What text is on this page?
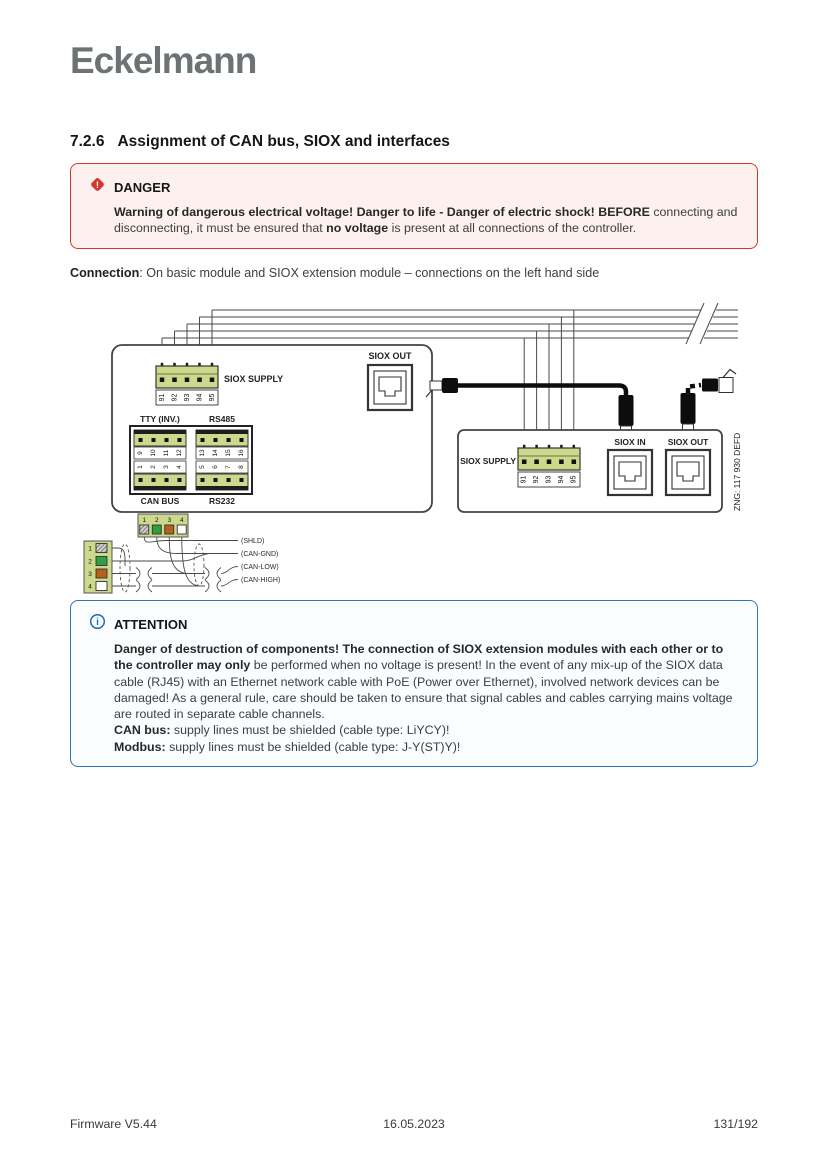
Eckelmann
7.2.6 Assignment of CAN bus, SIOX and interfaces
! DANGER
Warning of dangerous electrical voltage! Danger to life - Danger of electric shock! BEFORE connecting and disconnecting, it must be ensured that no voltage is present at all connections of the controller.
Connection: On basic module and SIOX extension module – connections on the left hand side
91 92 93 94 95
SIOX SUPPLY
SIOX OUT
TTY (INV.)	RS485
9 10 11 12 13 14 15 16
1 2 3 4 5 6 7 8
CAN BUS	RS232
SIOX SUPPLY
91 92 93 94 95
SIOX IN	SIOX OUT	ZNG: 117 930 DEFD
1 2 3 4
1
2
3
4
(SHLD)
(CAN-GND)
(CAN-LOW)
(CAN-HIGH)
i ATTENTION
Danger of destruction of components! The connection of SIOX extension modules with each other or to the controller may only be performed when no voltage is present! In the event of any mix-up of the SIOX data cable (RJ45) with an Ethernet network cable with PoE (Power over Ethernet), involved network devices can be damaged! As a general rule, care should be taken to ensure that signal cables and cables carrying mains voltage are routed in separate cable channels.
CAN bus: supply lines must be shielded (cable type: LiYCY)!
Modbus: supply lines must be shielded (cable type: J-Y(ST)Y)!
Firmware V5.44	16.05.2023	131/192
